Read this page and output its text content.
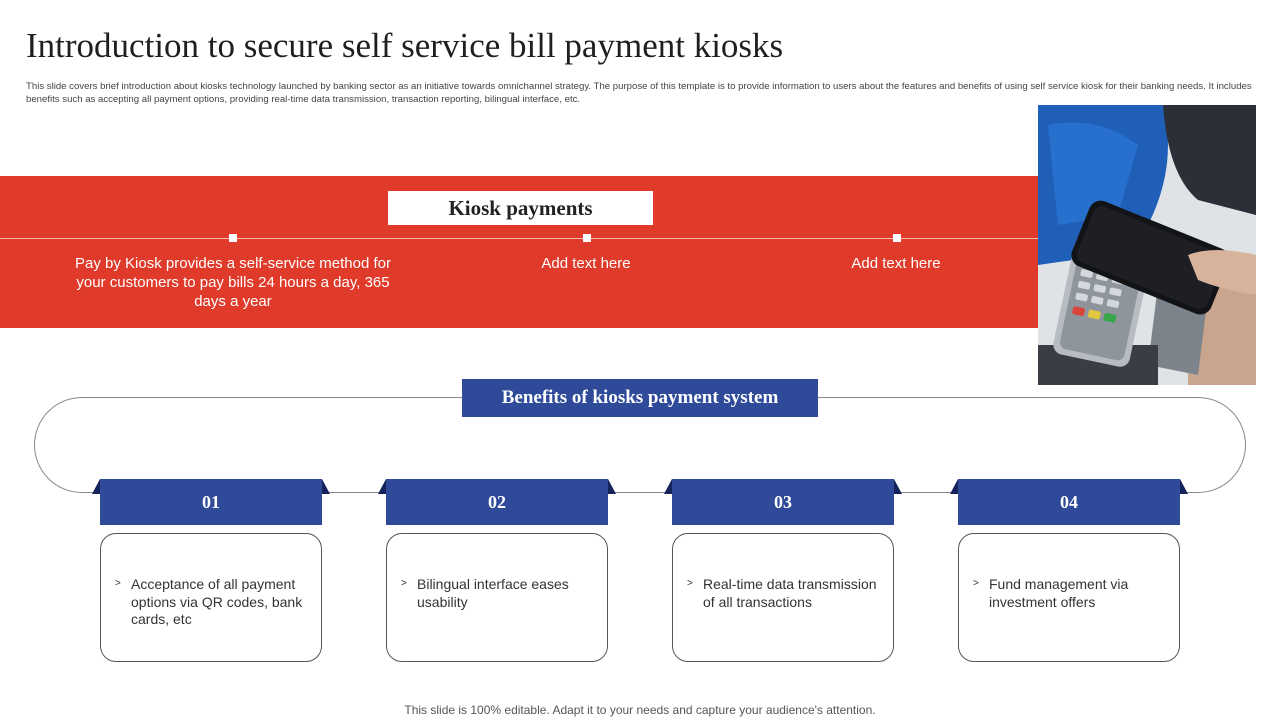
Introduction to secure self service bill payment kiosks

This slide covers brief introduction about kiosks technology launched by banking sector as an initiative towards omnichannel strategy. The purpose of this template is to provide information to users about the features and benefits of using self service kiosk for their banking needs. It includes benefits such as accepting all payment options, providing real-time data transmission, transaction reporting, bilingual interface, etc.

Kiosk payments
Pay by Kiosk provides a self-service method for your customers to pay bills 24 hours a day, 365 days a year
Add text here	Add text here
Benefits of kiosks payment system
01	02	03	04
> Acceptance of all payment options via QR codes, bank cards, etc
> Bilingual interface eases usability
> Real-time data transmission of all transactions
> Fund management via investment offers
This slide is 100% editable. Adapt it to your needs and capture your audience's attention.
